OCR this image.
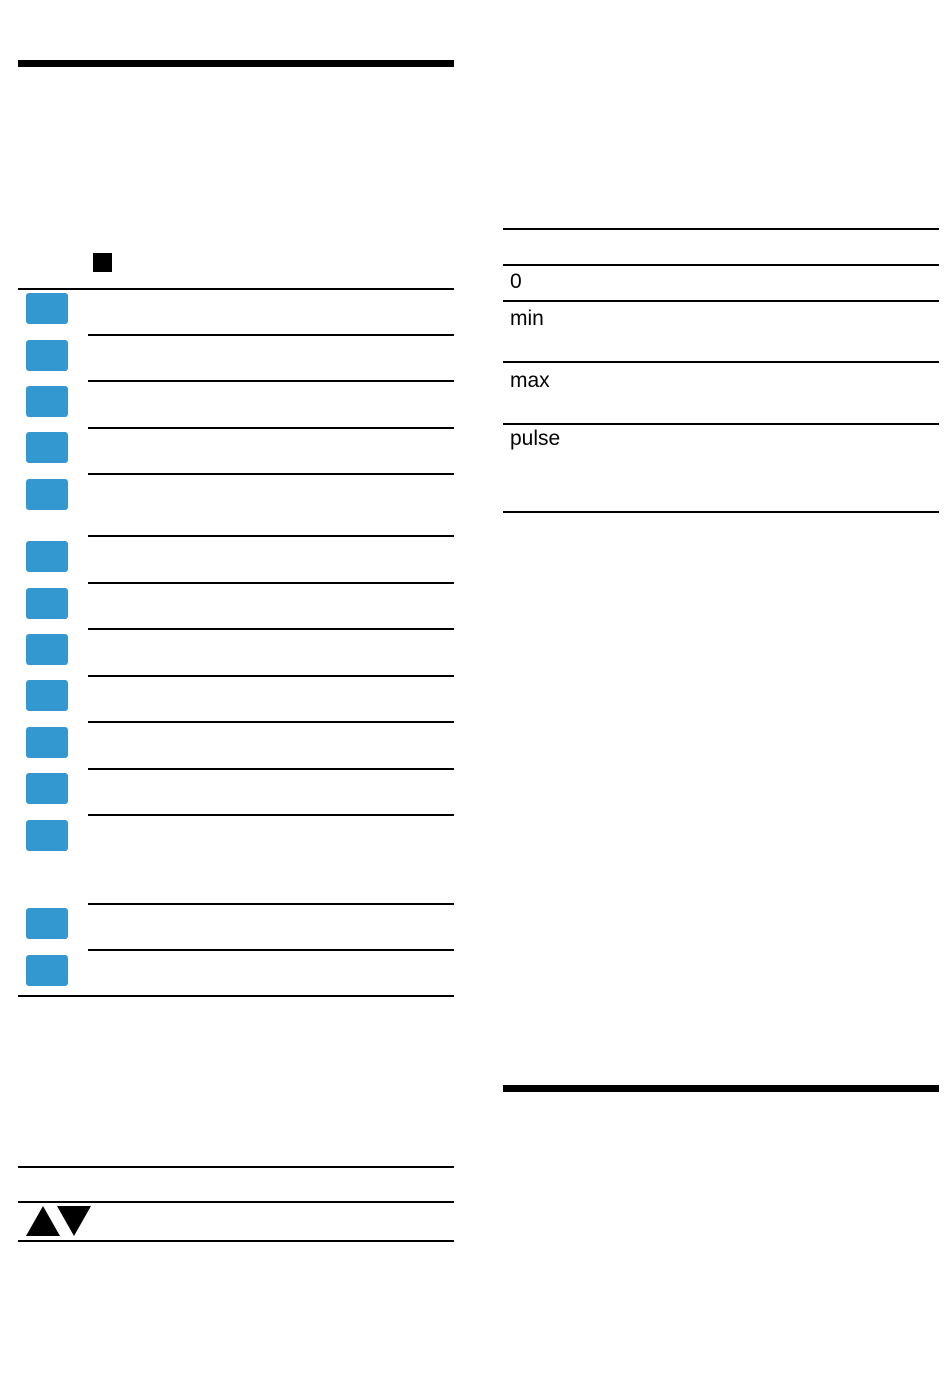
0
min
max
pulse
